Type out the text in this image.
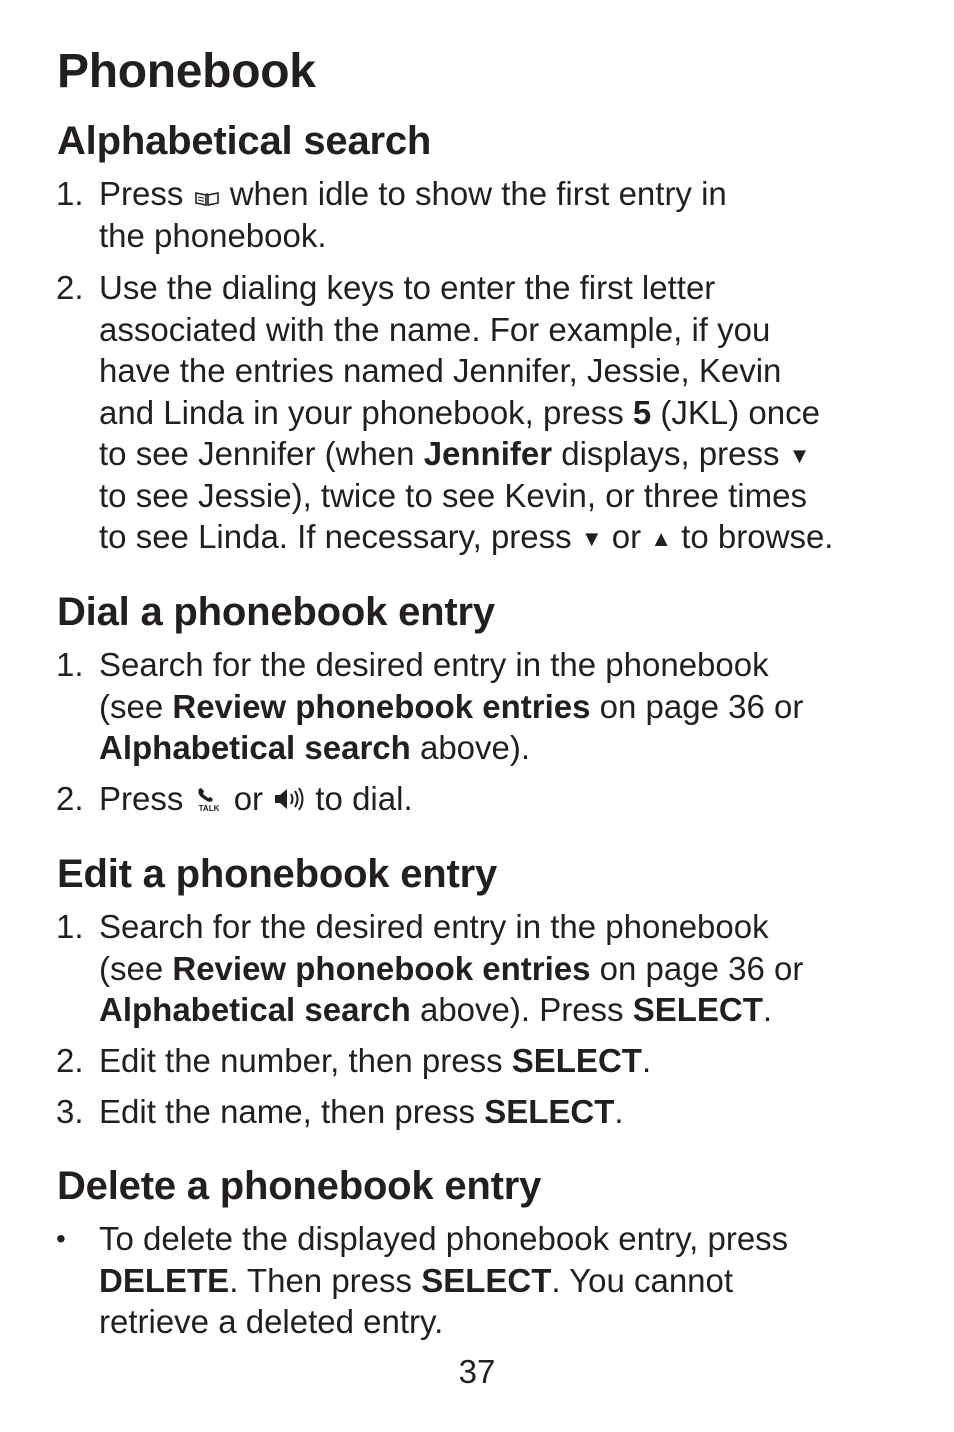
Phonebook
Alphabetical search
1. Press when idle to show the first entry in
the phonebook.
2. Use the dialing keys to enter the first letter
associated with the name. For example, if you
have the entries named Jennifer, Jessie, Kevin
and Linda in your phonebook, press 5 (JKL) once
to see Jennifer (when Jennifer displays, press ▼
to see Jessie), twice to see Kevin, or three times
to see Linda. If necessary, press ▼ or ▲ to browse.
Dial a phonebook entry
1. Search for the desired entry in the phonebook
(see Review phonebook entries on page 36 or
Alphabetical search above).
2. Press TALK or to dial.
Edit a phonebook entry
1. Search for the desired entry in the phonebook
(see Review phonebook entries on page 36 or
Alphabetical search above). Press SELECT.
2. Edit the number, then press SELECT.
3. Edit the name, then press SELECT.
Delete a phonebook entry
• To delete the displayed phonebook entry, press
DELETE. Then press SELECT. You cannot
retrieve a deleted entry.
37
